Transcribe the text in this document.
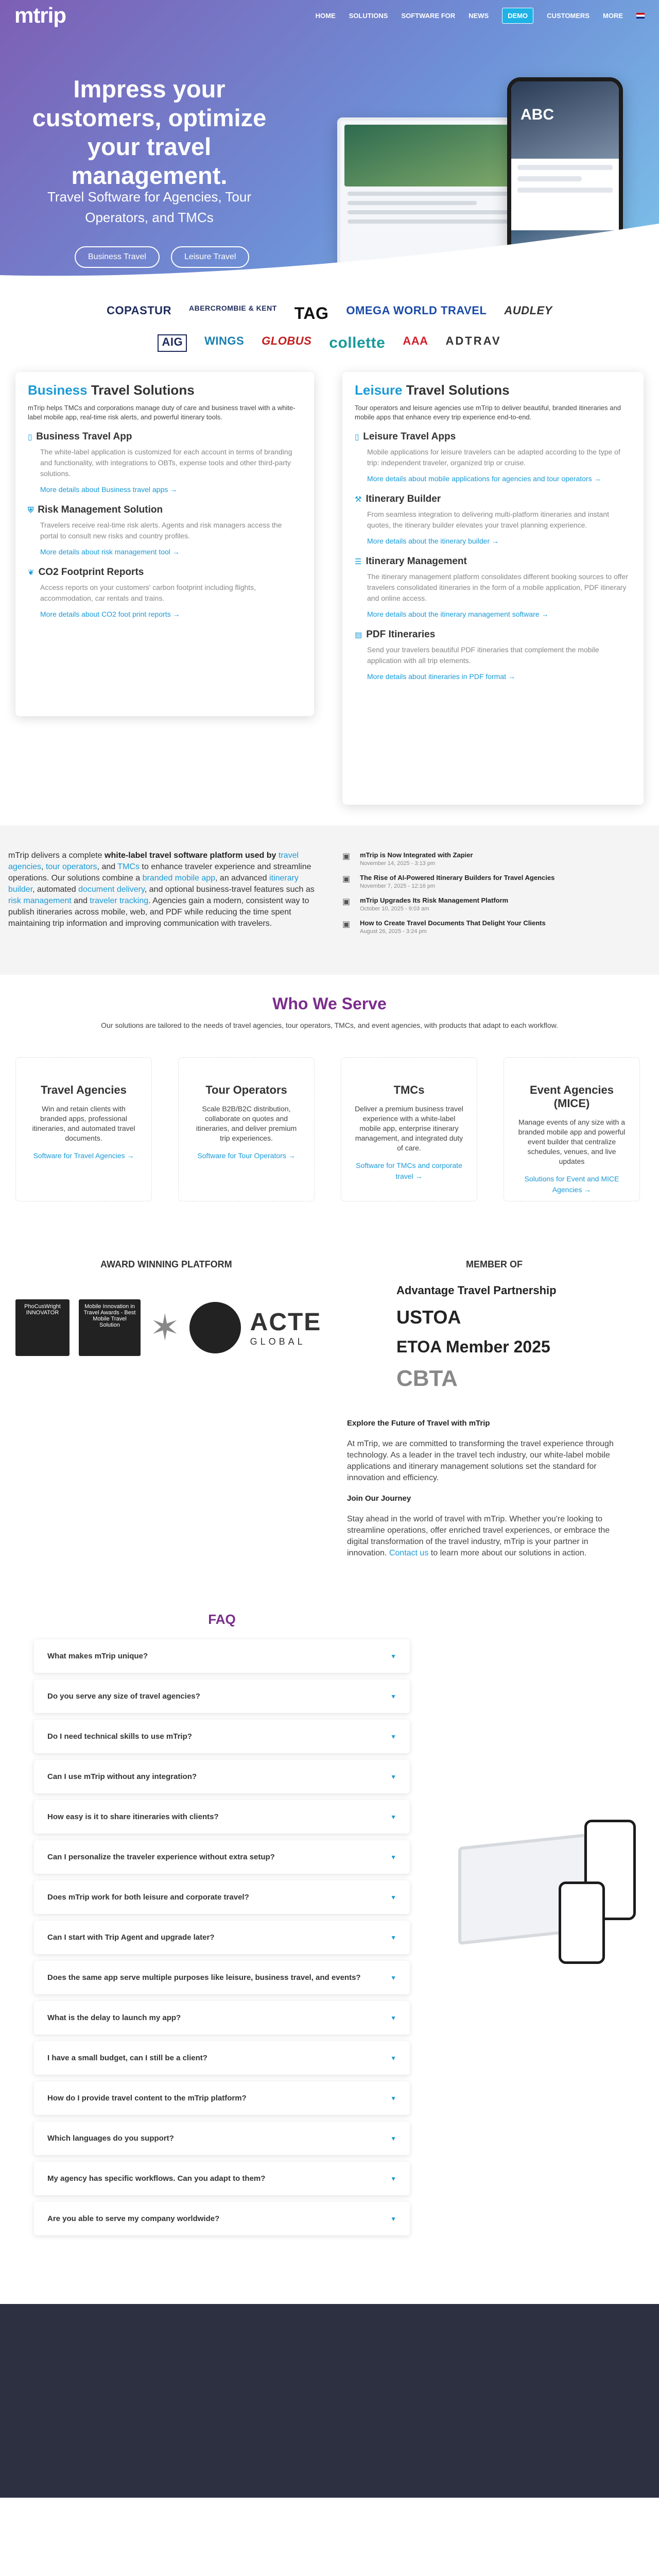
mtrip	HOME SOLUTIONS SOFTWARE FOR NEWS	DEMO	CUSTOMERS MORE
Impress your customers, optimize your travel management.

Travel Software for Agencies, Tour Operators, and TMCs

Business Travel	Leisure Travel
ABC
COPASTUR ABERCROMBIE & KENT TAG OMEGA WORLD TRAVEL AUDLEY
AIG	WINGS GLOBUS collette AAA ADTRAV
Business Travel Solutions

mTrip helps TMCs and corporations manage duty of care and business travel with a white-label mobile app, real-time risk alerts, and powerful itinerary tools.

▯ Business Travel App

The white-label application is customized for each account in terms of branding and functionality, with integrations to OBTs, expense tools and other third-party solutions.

More details about Business travel apps →
⛨ Risk Management Solution

Travelers receive real-time risk alerts. Agents and risk managers access the portal to consult new risks and country profiles.

More details about risk management tool →
❦ CO2 Footprint Reports

Access reports on your customers' carbon footprint including flights, accommodation, car rentals and trains.

More details about CO2 foot print reports →
Leisure Travel Solutions

Tour operators and leisure agencies use mTrip to deliver beautiful, branded itineraries and mobile apps that enhance every trip experience end-to-end.

▯ Leisure Travel Apps

Mobile applications for leisure travelers can be adapted according to the type of trip: independent traveler, organized trip or cruise.

More details about mobile applications for agencies and tour operators →
⚒ Itinerary Builder

From seamless integration to delivering multi-platform itineraries and instant quotes, the itinerary builder elevates your travel planning experience.

More details about the itinerary builder →
☰ Itinerary Management

The itinerary management platform consolidates different booking sources to offer travelers consolidated itineraries in the form of a mobile application, PDF itinerary and online access.

More details about the itinerary management software →
▤ PDF Itineraries

Send your travelers beautiful PDF itineraries that complement the mobile application with all trip elements.

More details about itineraries in PDF format →

mTrip delivers a complete white-label travel software platform used by travel agencies, tour operators, and TMCs to enhance traveler experience and streamline operations. Our solutions combine a branded mobile app, an advanced itinerary builder, automated document delivery, and optional business-travel features such as risk management and traveler tracking. Agencies gain a modern, consistent way to publish itineraries across mobile, web, and PDF while reducing the time spent maintaining trip information and improving communication with travelers.

▣	mTrip is Now Integrated with Zapier
November 14, 2025 - 3:13 pm
▣	The Rise of AI-Powered Itinerary Builders for Travel Agencies
November 7, 2025 - 12:16 pm
▣	mTrip Upgrades Its Risk Management Platform
October 10, 2025 - 9:03 am
▣	How to Create Travel Documents That Delight Your Clients
August 26, 2025 - 3:24 pm
Who We Serve

Our solutions are tailored to the needs of travel agencies, tour operators, TMCs, and event agencies, with products that adapt to each workflow.

Travel Agencies

Win and retain clients with branded apps, professional itineraries, and automated travel documents.

Software for Travel Agencies →
Tour Operators

Scale B2B/B2C distribution, collaborate on quotes and itineraries, and deliver premium trip experiences.

Software for Tour Operators →
TMCs

Deliver a premium business travel experience with a white-label mobile app, enterprise itinerary management, and integrated duty of care.

Software for TMCs and corporate travel →
Event Agencies (MICE)

Manage events of any size with a branded mobile app and powerful event builder that centralize schedules, venues, and live updates

Solutions for Event and MICE Agencies →
AWARD WINNING PLATFORM	MEMBER OF
PhoCusWright INNOVATOR
Mobile Innovation in Travel Awards - Best Mobile Travel Solution ✶	ACTE
GLOBAL
Advantage Travel Partnership
USTOA
ETOA Member 2025
CBTA
Explore the Future of Travel with mTrip

At mTrip, we are committed to transforming the travel experience through technology. As a leader in the travel tech industry, our white-label mobile applications and itinerary management solutions set the standard for innovation and efficiency.

Join Our Journey

Stay ahead in the world of travel with mTrip. Whether you're looking to streamline operations, offer enriched travel experiences, or embrace the digital transformation of the travel industry, mTrip is your partner in innovation. Contact us to learn more about our solutions in action.

FAQ
What makes mTrip unique?	▼
Do you serve any size of travel agencies?	▼
Do I need technical skills to use mTrip?	▼
Can I use mTrip without any integration?	▼
How easy is it to share itineraries with clients?	▼
Can I personalize the traveler experience without extra setup?	▼
Does mTrip work for both leisure and corporate travel?	▼
Can I start with Trip Agent and upgrade later?	▼
Does the same app serve multiple purposes like leisure, business travel, and events?	▼
What is the delay to launch my app?	▼
I have a small budget, can I still be a client?	▼
How do I provide travel content to the mTrip platform?	▼
Which languages do you support?	▼
My agency has specific workflows. Can you adapt to them?	▼
Are you able to serve my company worldwide?	▼
